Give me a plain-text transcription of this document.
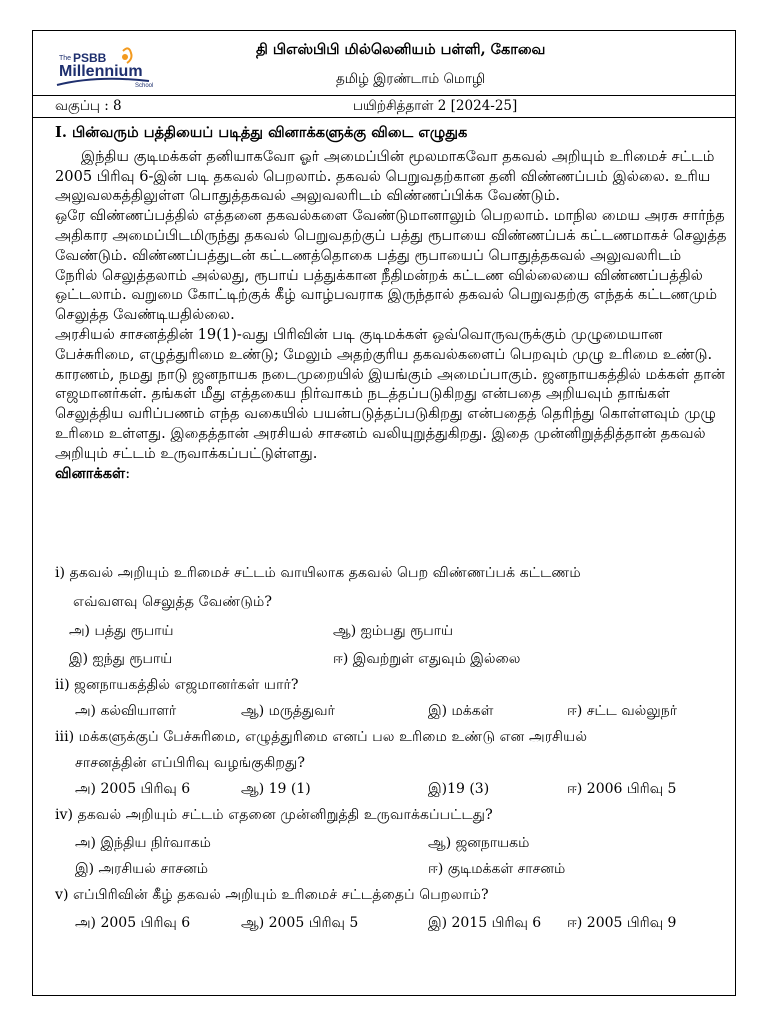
The PSBB
Millennium
School
தி பிஎஸ்பிபி மில்லெனியம் பள்ளி, கோவை
தமிழ் இரண்டாம் மொழி
வகுப்பு : 8	பயிற்சித்தாள் 2 [2024-25]

I. பின்வரும் பத்தியைப் படித்து வினாக்களுக்கு விடை எழுதுக

இந்திய குடிமக்கள் தனியாகவோ ஓர் அமைப்பின் மூலமாகவோ தகவல் அறியும் உரிமைச் சட்டம் 2005 பிரிவு 6-இன் படி தகவல் பெறலாம். தகவல் பெறுவதற்கான தனி விண்ணப்பம் இல்லை. உரிய அலுவலகத்திலுள்ள பொதுத்தகவல் அலுவலரிடம் விண்ணப்பிக்க வேண்டும்.

ஒரே விண்ணப்பத்தில் எத்தனை தகவல்களை வேண்டுமானாலும் பெறலாம். மாநில மைய அரசு சார்ந்த அதிகார அமைப்பிடமிருந்து தகவல் பெறுவதற்குப் பத்து ரூபாயை விண்ணப்பக் கட்டணமாகச் செலுத்த வேண்டும். விண்ணப்பத்துடன் கட்டணத்தொகை பத்து ரூபாயைப் பொதுத்தகவல் அலுவலரிடம் நேரில் செலுத்தலாம் அல்லது, ரூபாய் பத்துக்கான நீதிமன்றக் கட்டண வில்லையை விண்ணப்பத்தில் ஒட்டலாம். வறுமை கோட்டிற்குக் கீழ் வாழ்பவராக இருந்தால் தகவல் பெறுவதற்கு எந்தக் கட்டணமும் செலுத்த வேண்டியதில்லை.

அரசியல் சாசனத்தின் 19(1)-வது பிரிவின் படி குடிமக்கள் ஒவ்வொருவருக்கும் முழுமையான பேச்சுரிமை, எழுத்துரிமை உண்டு; மேலும் அதற்குரிய தகவல்களைப் பெறவும் முழு உரிமை உண்டு. காரணம், நமது நாடு ஜனநாயக நடைமுறையில் இயங்கும் அமைப்பாகும். ஜனநாயகத்தில் மக்கள் தான் எஜமானர்கள். தங்கள் மீது எத்தகைய நிர்வாகம் நடத்தப்படுகிறது என்பதை அறியவும் தாங்கள் செலுத்திய வரிப்பணம் எந்த வகையில் பயன்படுத்தப்படுகிறது என்பதைத் தெரிந்து கொள்ளவும் முழு உரிமை உள்ளது. இதைத்தான் அரசியல் சாசனம் வலியுறுத்துகிறது. இதை முன்னிறுத்தித்தான் தகவல் அறியும் சட்டம் உருவாக்கப்பட்டுள்ளது.

வினாக்கள்:

i) தகவல் அறியும் உரிமைச் சட்டம் வாயிலாக தகவல் பெற விண்ணப்பக் கட்டணம்
எவ்வளவு செலுத்த வேண்டும்?
அ) பத்து ரூபாய்	ஆ) ஐம்பது ரூபாய்
இ) ஐந்து ரூபாய்	ஈ) இவற்றுள் எதுவும் இல்லை
ii) ஜனநாயகத்தில் எஜமானர்கள் யார்?
அ) கல்வியாளர்	ஆ) மருத்துவர்	இ) மக்கள்	ஈ) சட்ட வல்லுநர்
iii) மக்களுக்குப் பேச்சுரிமை, எழுத்துரிமை எனப் பல உரிமை உண்டு என அரசியல்
சாசனத்தின் எப்பிரிவு வழங்குகிறது?
அ) 2005 பிரிவு 6	ஆ) 19 (1)	இ)19 (3)	ஈ) 2006 பிரிவு 5
iv) தகவல் அறியும் சட்டம் எதனை முன்னிறுத்தி உருவாக்கப்பட்டது?
அ) இந்திய நிர்வாகம்	ஆ) ஜனநாயகம்
இ) அரசியல் சாசனம்	ஈ) குடிமக்கள் சாசனம்
v) எப்பிரிவின் கீழ் தகவல் அறியும் உரிமைச் சட்டத்தைப் பெறலாம்?
அ) 2005 பிரிவு 6	ஆ) 2005 பிரிவு 5	இ) 2015 பிரிவு 6 ஈ) 2005 பிரிவு 9
